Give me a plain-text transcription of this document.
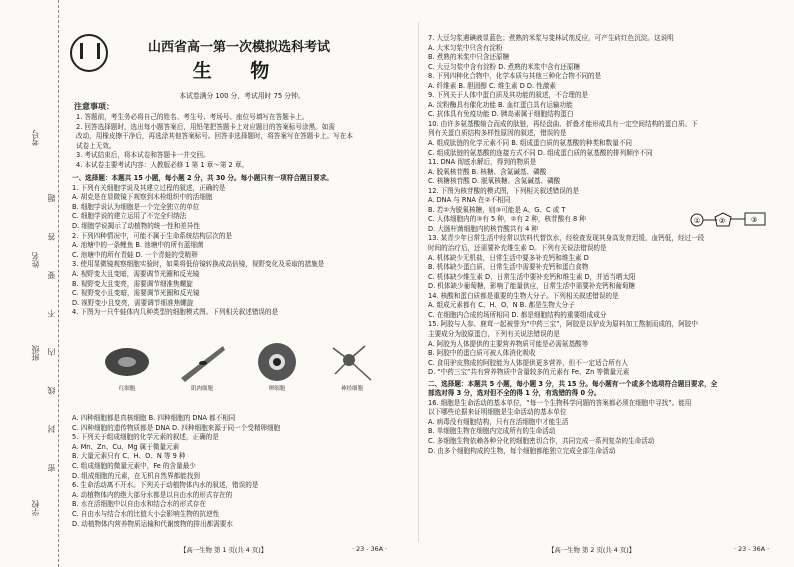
考号
姓名
班级
学校
密 封 线 内 不 要 答 题
山西省高一第一次模拟选科考试
生 物
本试卷满分 100 分，考试用时 75 分钟。
注意事项：

1. 答题前，考生务必将自己的姓名、考生号、考场号、座位号填写在答题卡上。

2. 回答选择题时，选出每小题答案后，用铅笔把答题卡上对应题目的答案标号涂黑。如需

改动，用橡皮擦干净后，再选涂其他答案标号。回答非选择题时，将答案写在答题卡上。写在本

试卷上无效。

3. 考试结束后，将本试卷和答题卡一并交回。

4. 本试卷主要考试内容：人教版必修 1 第 1 章～第 2 章。

一、选择题：本题共 15 小题，每小题 2 分，共 30 分。每小题只有一项符合题目要求。

1. 下列有关细胞学说及其建立过程的叙述，正确的是

A. 胡克是在显微镜下观察到木栓组织中的活细胞

B. 细胞学说认为细胞是一个完全独立的单位

C. 细胞学说的建立运用了不完全归纳法

D. 细胞学说揭示了动植物的统一性和差异性

2. 下列四种情况中，可能不属于生命系统结构层次的是

A. 池塘中的一条鲤鱼 B. 池塘中的所有蓝细菌

C. 池塘中的所有青蛙 D. 一个青蛙的受精卵

3. 使用显微镜观察细胞实验时，如果将低倍镜转换成高倍镜，视野变化及采取的措施是

A. 视野变大且变暗，需要调节光圈和反光镜

B. 视野变大且变亮，需要调节细准焦螺旋

C. 视野变小且变暗，需要调节光圈和反光镜

D. 视野变小且变亮，需要调节细准焦螺旋

4. 下图为一只牛蛙体内几种类型的细胞模式图。下列相关叙述错误的是

红细胞	肌肉细胞	卵细胞	神经细胞

A. 四种细胞都是真核细胞 B. 四种细胞的 DNA 都不相同

C. 四种细胞的遗传物质都是 DNA D. 四种细胞来源于同一个受精卵细胞

5. 下列关于组成细胞的化学元素的叙述，正确的是

A. Mn、Zn、Cu、Mg 属于微量元素

B. 大量元素只有 C、H、O、N 等 9 种

C. 组成细胞的微量元素中，Fe 的含量最少

D. 组成细胞的元素，在无机自然界都能找到

6. 生命活动离不开水。下列关于动植物体内水的叙述，错误的是

A. 动植物体内的绝大部分水都是以自由水的形式存在的

B. 水在活细胞中以自由水和结合水的形式存在

C. 自由水与结合水的比值大小会影响生物的抗逆性

D. 动植物体内营养物质运输和代谢废物的排出都需要水

7. 大豆匀浆遇碘液显蓝色；煮熟的米浆与斐林试剂反应，可产生砖红色沉淀。这说明

A. 大米匀浆中只含有淀粉

B. 煮熟的米浆中只含还原糖

C. 大豆匀浆中含有淀粉 D. 煮熟的米浆中含有还原糖

8. 下列四种化合物中，化学本质与其他三种化合物不同的是

A. 纤维素 B. 胆固醇 C. 维生素 D D. 性激素

9. 下列关于人体中蛋白质及其功能的叙述，不合理的是

A. 淀粉酶具有催化功能 B. 血红蛋白具有运输功能

C. 抗体具有免疫功能 D. 胰岛素属于细胞结构蛋白

10. 由许多氨基酸缩合而成的肽链，再经盘曲、折叠才能形成具有一定空间结构的蛋白质。下

列有关蛋白质结构多样性原因的叙述，错误的是

A. 组成肽链的化学元素不同 B. 组成蛋白质的氨基酸的种类和数量不同

C. 组成肽链的氨基酸的连接方式不同 D. 组成蛋白质的氨基酸的排列顺序不同

11. DNA 彻底水解后，得到的物质是

A. 脱氧核苷酸 B. 核糖、含氮碱基、磷酸

C. 核糖核苷酸 D. 脱氧核糖、含氮碱基、磷酸

12. 下图为核苷酸的模式图，下列相关叙述错误的是

A. DNA 与 RNA 在②不相同

B. 若②为脱氧核糖，则③可能是 A、G、C 或 T

C. 人体细胞内的③有 5 种，②有 2 种，核苷酸有 8 种

D. 大肠杆菌细胞内的核苷酸共有 4 种

13. 某青少年日常生活中经常以饮料代替饮水，经检查发现其身高发育迟缓，血钙低，经过一段

时间的治疗后，还需要补充维生素 D。下列有关说法错误的是

A. 机体缺少无机盐，日常生活中要多补充钙和维生素 D

B. 机体缺少蛋白质，日常生活中需要补充钙和蛋白食物

C. 机体缺少维生素 D，日常生活中要补充钙和维生素 D，并适当晒太阳

D. 机体缺少葡萄糖，影响了能量供应，日常生活中需要补充钙和葡萄糖

14. 核酸和蛋白质都是重要的生物大分子。下列相关叙述错误的是

A. 组成元素都有 C、H、O、N B. 都是生物大分子

C. 在细胞内合成的场所相同 D. 都是细胞结构的重要组成成分

15. 阿胶与人参、鹿茸一起被誉为“中药三宝”，阿胶是以驴皮为原料加工熬制而成的，阿胶中

主要成分为胶原蛋白，下列有关说法错误的是

A. 阿胶为人体提供的主要营养物质可能是必需氨基酸等

B. 阿胶中的蛋白质可被人体消化吸收

C. 食用驴皮熬成的阿胶能为人体提供更多营养，但不一定适合所有人

D. “中药三宝”共有营养物质中含量较多的元素有 Fe、Zn 等微量元素

二、选择题：本题共 5 小题，每小题 3 分，共 15 分。每小题有一个或多个选项符合题目要求，全

部选对得 3 分，选对但不全的得 1 分，有选错的得 0 分。

16. 细胞是生命活动的基本单位，“每一个生物科学问题的答案都必须在细胞中寻找”。能用

以下哪些论据来证明细胞是生命活动的基本单位

A. 病毒没有细胞结构，只有在活细胞中才能生活

B. 单细胞生物在细胞内完成所有的生命活动

C. 多细胞生物依赖各种分化的细胞密切合作，共同完成一系列复杂的生命活动

D. 由多个细胞构成的生物，每个细胞都能独立完成全部生命活动

①	②	③
【高一生物 第 1 页(共 4 页)】	· 23 - 36A ·	【高一生物 第 2 页(共 4 页)】	· 23 - 36A ·
